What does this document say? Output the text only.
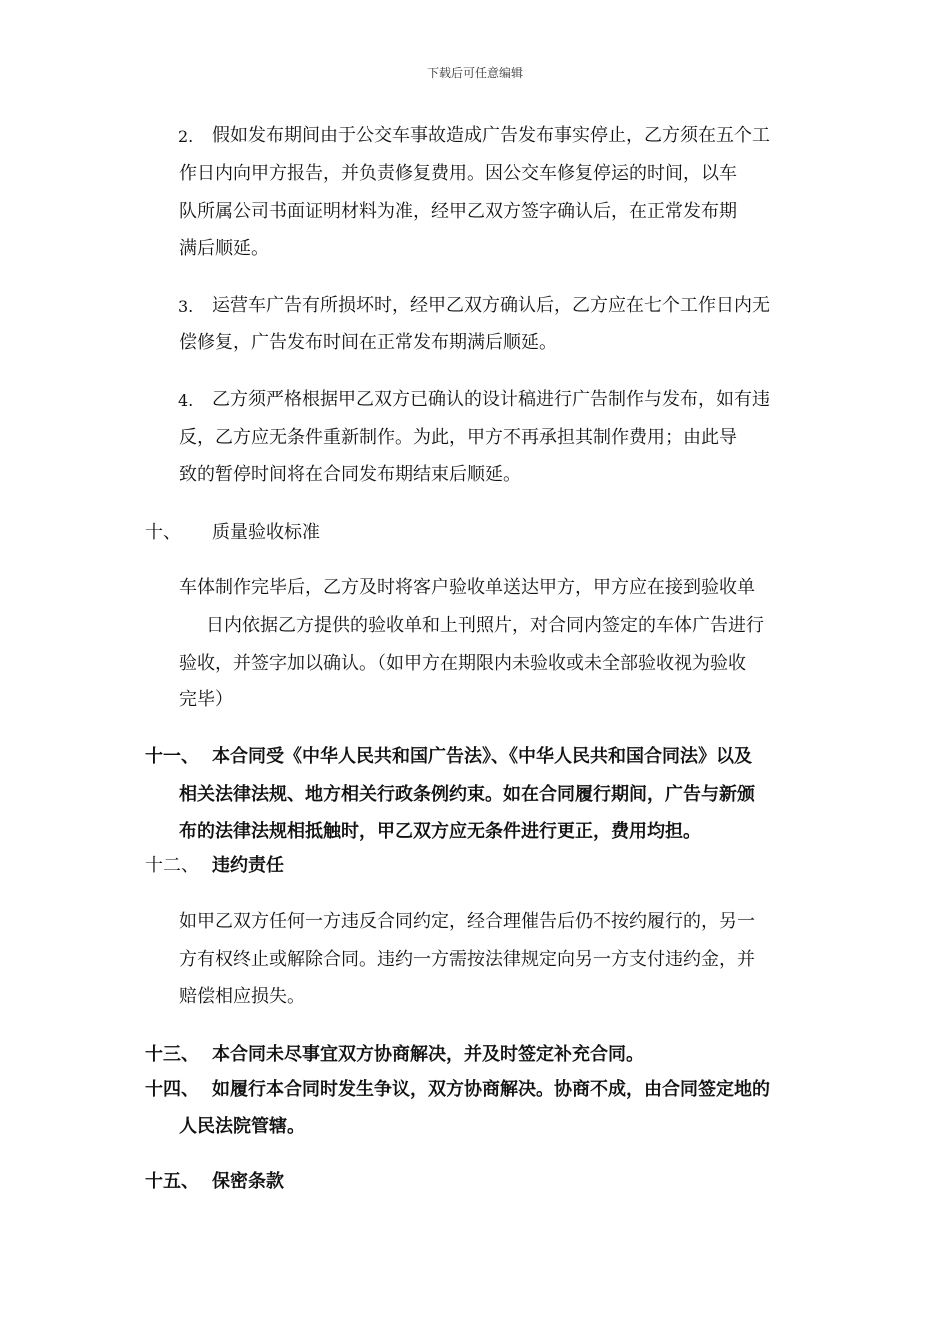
下载后可任意编辑
2. 假如发布期间由于公交车事故造成广告发布事实停止，乙方须在五个工
作日内向甲方报告，并负责修复费用。因公交车修复停运的时间，以车
队所属公司书面证明材料为准，经甲乙双方签字确认后，在正常发布期
满后顺延。
3. 运营车广告有所损坏时，经甲乙双方确认后，乙方应在七个工作日内无
偿修复，广告发布时间在正常发布期满后顺延。
4. 乙方须严格根据甲乙双方已确认的设计稿进行广告制作与发布，如有违
反，乙方应无条件重新制作。为此，甲方不再承担其制作费用；由此导
致的暂停时间将在合同发布期结束后顺延。
十、 质量验收标准
车体制作完毕后，乙方及时将客户验收单送达甲方，甲方应在接到验收单
日内依据乙方提供的验收单和上刊照片，对合同内签定的车体广告进行
验收，并签字加以确认。（如甲方在期限内未验收或未全部验收视为验收
完毕）
十一、 本合同受《中华人民共和国广告法》、《中华人民共和国合同法》以及
相关法律法规、地方相关行政条例约束。如在合同履行期间，广告与新颁
布的法律法规相抵触时，甲乙双方应无条件进行更正，费用均担。
十二、 违约责任
如甲乙双方任何一方违反合同约定，经合理催告后仍不按约履行的，另一
方有权终止或解除合同。违约一方需按法律规定向另一方支付违约金，并
赔偿相应损失。
十三、 本合同未尽事宜双方协商解决，并及时签定补充合同。
十四、 如履行本合同时发生争议，双方协商解决。协商不成，由合同签定地的
人民法院管辖。
十五、 保密条款
